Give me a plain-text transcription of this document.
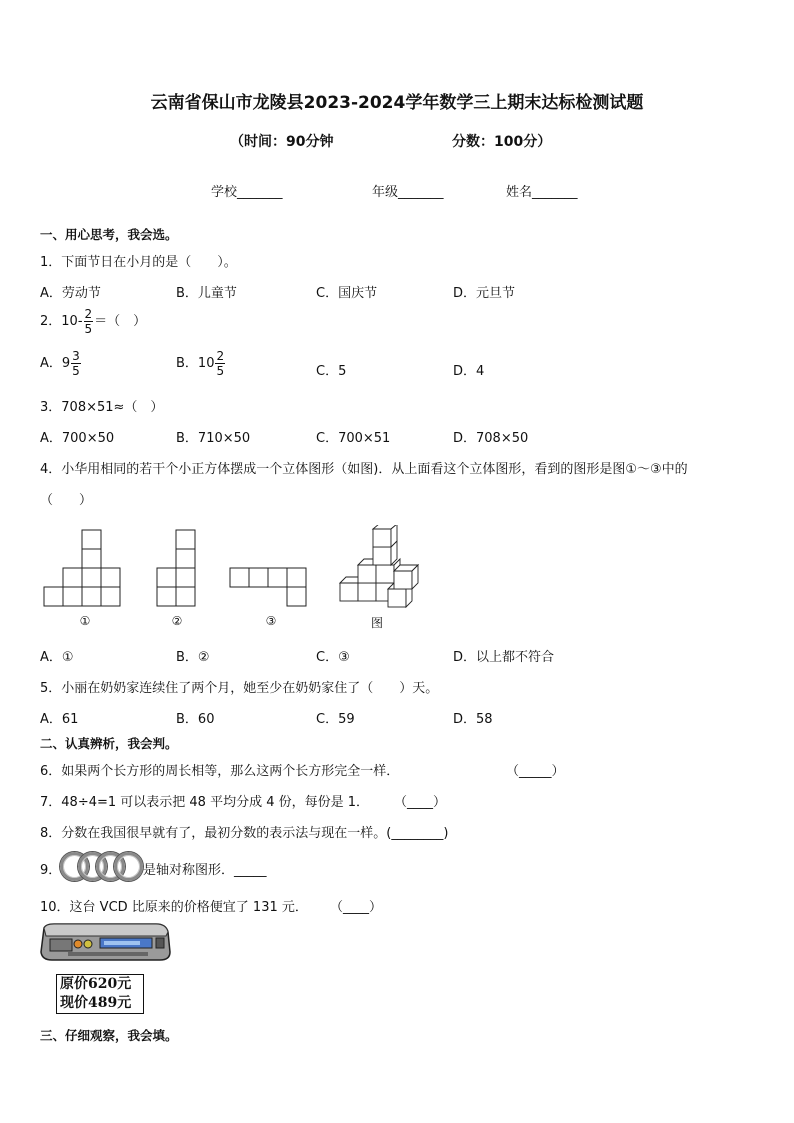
云南省保山市龙陵县2023-2024学年数学三上期末达标检测试题
（时间：90分钟	分数：100分）
学校_______	年级_______	姓名_______
一、用心思考，我会选。
1．下面节日在小月的是（　　）。
A．劳动节	B．儿童节	C．国庆节	D．元旦节
2．$10- \frac{2}{5}$ ＝（　）
A．$9 \frac{3}{5}$	B．$10 \frac{2}{5}$	C．5	D．4
3．708×51≈（　）
A．700×50	B．710×50	C．700×51	D．708×50
4．小华用相同的若干个小正方体摆成一个立体图形（如图)．从上面看这个立体图形，看到的图形是图①～③中的
（　　）
①	②	③	图
A．①	B．②	C．③	D．以上都不符合
5．小丽在奶奶家连续住了两个月，她至少在奶奶家住了（　　）天。
A．61	B．60	C．59	D．58
二、认真辨析，我会判。
6．如果两个长方形的周长相等，那么这两个长方形完全一样．	（_____）
7．48÷4=1 可以表示把 48 平均分成 4 份，每份是 1． （____）
8．分数在我国很早就有了，最初分数的表示法与现在一样。(________)
9．	是轴对称图形．_____
10．这台 VCD 比原来的价格便宜了 131 元． （____）
原价620元
现价489元
三、仔细观察，我会填。
